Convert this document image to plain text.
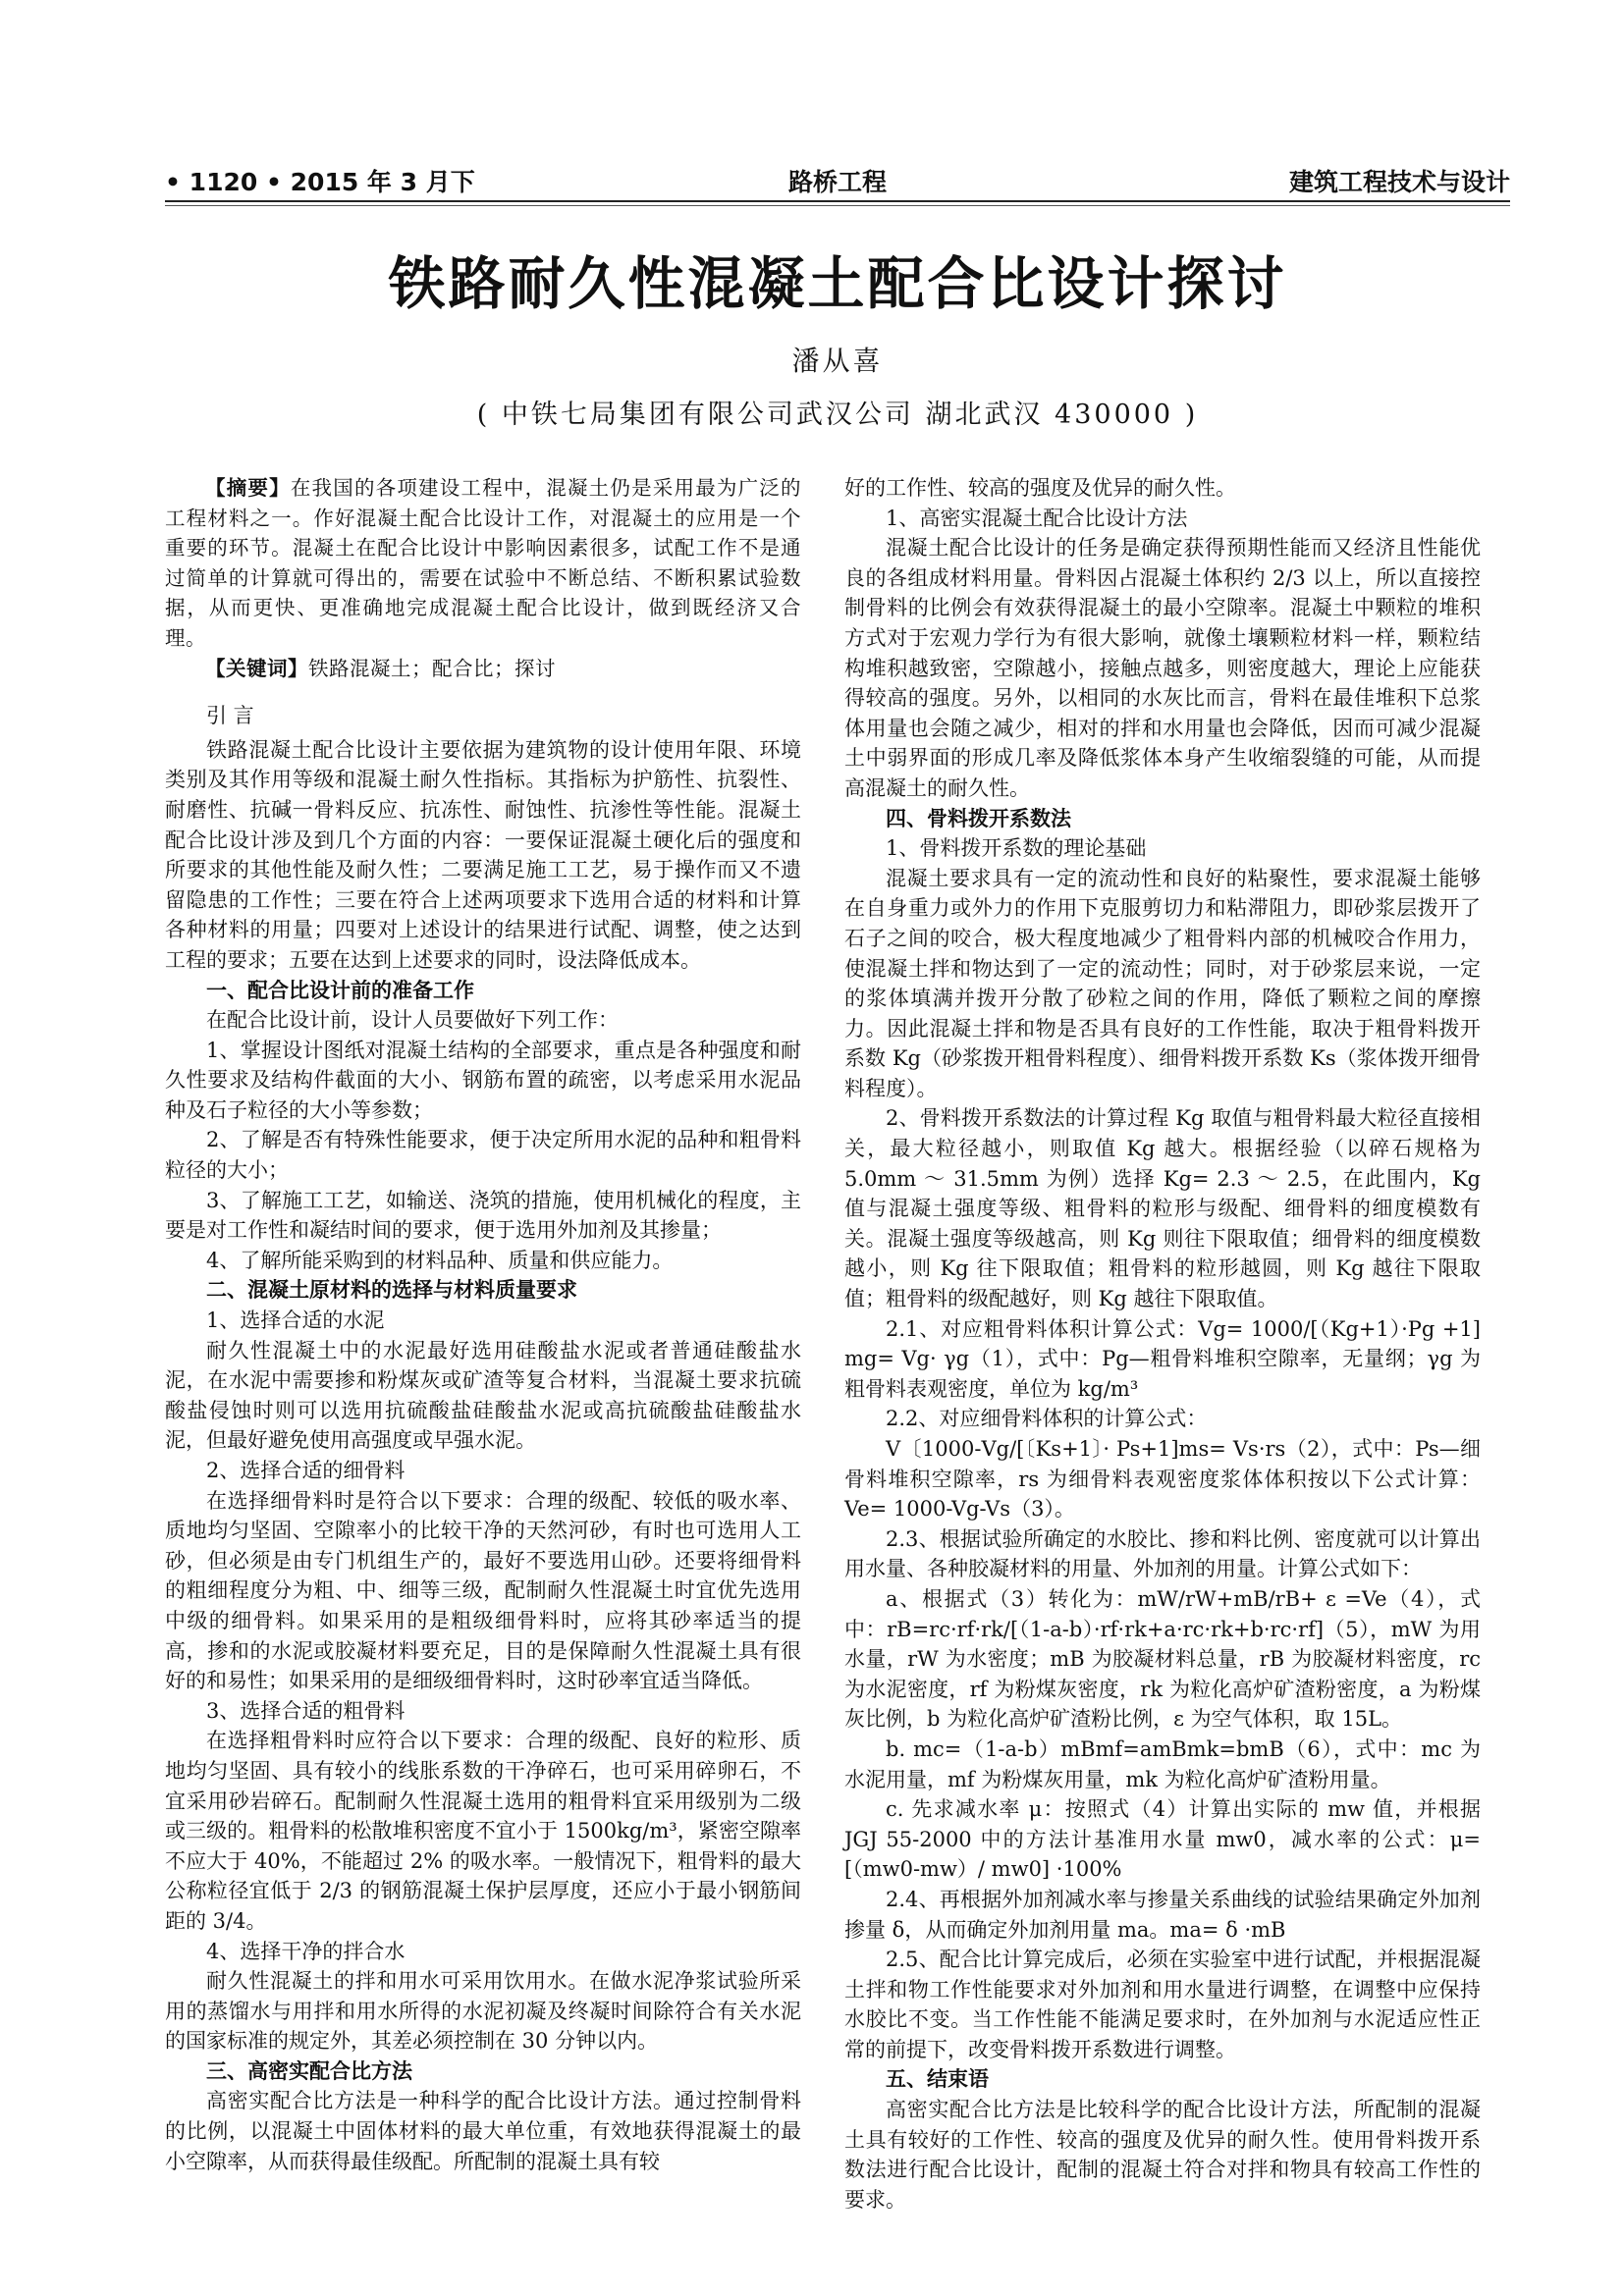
• 1120 • 2015 年 3 月下	路桥工程	建筑工程技术与设计
铁路耐久性混凝土配合比设计探讨
潘从喜
( 中铁七局集团有限公司武汉公司 湖北武汉 430000 )

【摘要】在我国的各项建设工程中，混凝土仍是采用最为广泛的工程材料之一。作好混凝土配合比设计工作，对混凝土的应用是一个重要的环节。混凝土在配合比设计中影响因素很多，试配工作不是通过简单的计算就可得出的，需要在试验中不断总结、不断积累试验数据，从而更快、更准确地完成混凝土配合比设计，做到既经济又合理。

【关键词】铁路混凝土；配合比；探讨

引 言

铁路混凝土配合比设计主要依据为建筑物的设计使用年限、环境类别及其作用等级和混凝土耐久性指标。其指标为护筋性、抗裂性、耐磨性、抗碱一骨料反应、抗冻性、耐蚀性、抗渗性等性能。混凝土配合比设计涉及到几个方面的内容：一要保证混凝土硬化后的强度和所要求的其他性能及耐久性；二要满足施工工艺，易于操作而又不遗留隐患的工作性；三要在符合上述两项要求下选用合适的材料和计算各种材料的用量；四要对上述设计的结果进行试配、调整，使之达到工程的要求；五要在达到上述要求的同时，设法降低成本。

一、配合比设计前的准备工作

在配合比设计前，设计人员要做好下列工作：

1、掌握设计图纸对混凝土结构的全部要求，重点是各种强度和耐久性要求及结构件截面的大小、钢筋布置的疏密，以考虑采用水泥品种及石子粒径的大小等参数；

2、了解是否有特殊性能要求，便于决定所用水泥的品种和粗骨料粒径的大小；

3、了解施工工艺，如输送、浇筑的措施，使用机械化的程度，主要是对工作性和凝结时间的要求，便于选用外加剂及其掺量；

4、了解所能采购到的材料品种、质量和供应能力。

二、混凝土原材料的选择与材料质量要求

1、选择合适的水泥

耐久性混凝土中的水泥最好选用硅酸盐水泥或者普通硅酸盐水泥，在水泥中需要掺和粉煤灰或矿渣等复合材料，当混凝土要求抗硫酸盐侵蚀时则可以选用抗硫酸盐硅酸盐水泥或高抗硫酸盐硅酸盐水泥，但最好避免使用高强度或早强水泥。

2、选择合适的细骨料

在选择细骨料时是符合以下要求：合理的级配、较低的吸水率、质地均匀坚固、空隙率小的比较干净的天然河砂，有时也可选用人工砂，但必须是由专门机组生产的，最好不要选用山砂。还要将细骨料的粗细程度分为粗、中、细等三级，配制耐久性混凝土时宜优先选用中级的细骨料。如果采用的是粗级细骨料时，应将其砂率适当的提高，掺和的水泥或胶凝材料要充足，目的是保障耐久性混凝土具有很好的和易性；如果采用的是细级细骨料时，这时砂率宜适当降低。

3、选择合适的粗骨料

在选择粗骨料时应符合以下要求：合理的级配、良好的粒形、质地均匀坚固、具有较小的线胀系数的干净碎石，也可采用碎卵石，不宜采用砂岩碎石。配制耐久性混凝土选用的粗骨料宜采用级别为二级或三级的。粗骨料的松散堆积密度不宜小于 1500kg/m³，紧密空隙率不应大于 40%，不能超过 2% 的吸水率。一般情况下，粗骨料的最大公称粒径宜低于 2/3 的钢筋混凝土保护层厚度，还应小于最小钢筋间距的 3/4。

4、选择干净的拌合水

耐久性混凝土的拌和用水可采用饮用水。在做水泥净浆试验所采用的蒸馏水与用拌和用水所得的水泥初凝及终凝时间除符合有关水泥的国家标准的规定外，其差必须控制在 30 分钟以内。

三、高密实配合比方法

高密实配合比方法是一种科学的配合比设计方法。通过控制骨料的比例，以混凝土中固体材料的最大单位重，有效地获得混凝土的最小空隙率，从而获得最佳级配。所配制的混凝土具有较

好的工作性、较高的强度及优异的耐久性。

1、高密实混凝土配合比设计方法

混凝土配合比设计的任务是确定获得预期性能而又经济且性能优良的各组成材料用量。骨料因占混凝土体积约 2/3 以上，所以直接控制骨料的比例会有效获得混凝土的最小空隙率。混凝土中颗粒的堆积方式对于宏观力学行为有很大影响，就像土壤颗粒材料一样，颗粒结构堆积越致密，空隙越小，接触点越多，则密度越大，理论上应能获得较高的强度。另外，以相同的水灰比而言，骨料在最佳堆积下总浆体用量也会随之减少，相对的拌和水用量也会降低，因而可减少混凝土中弱界面的形成几率及降低浆体本身产生收缩裂缝的可能，从而提高混凝土的耐久性。

四、骨料拨开系数法

1、骨料拨开系数的理论基础

混凝土要求具有一定的流动性和良好的粘聚性，要求混凝土能够在自身重力或外力的作用下克服剪切力和粘滞阻力，即砂浆层拨开了石子之间的咬合，极大程度地减少了粗骨料内部的机械咬合作用力，使混凝土拌和物达到了一定的流动性；同时，对于砂浆层来说，一定的浆体填满并拨开分散了砂粒之间的作用，降低了颗粒之间的摩擦力。因此混凝土拌和物是否具有良好的工作性能，取决于粗骨料拨开系数 Kg（砂浆拨开粗骨料程度）、细骨料拨开系数 Ks（浆体拨开细骨料程度）。

2、骨料拨开系数法的计算过程 Kg 取值与粗骨料最大粒径直接相关，最大粒径越小，则取值 Kg 越大。根据经验（以碎石规格为 5.0mm ～ 31.5mm 为例）选择 Kg= 2.3 ～ 2.5，在此围内，Kg 值与混凝土强度等级、粗骨料的粒形与级配、细骨料的细度模数有关。混凝土强度等级越高，则 Kg 则往下限取值；细骨料的细度模数越小，则 Kg 往下限取值；粗骨料的粒形越圆，则 Kg 越往下限取值；粗骨料的级配越好，则 Kg 越往下限取值。

2.1、对应粗骨料体积计算公式：Vg= 1000/[（Kg+1）·Pg +1] mg= Vg· γg（1），式中：Pg—粗骨料堆积空隙率，无量纲；γg 为粗骨料表观密度，单位为 kg/m³

2.2、对应细骨料体积的计算公式：

V〔1000-Vg/[〔Ks+1〕· Ps+1]ms= Vs·rs（2），式中：Ps—细骨料堆积空隙率，rs 为细骨料表观密度浆体体积按以下公式计算：Ve= 1000-Vg-Vs（3）。

2.3、根据试验所确定的水胶比、掺和料比例、密度就可以计算出用水量、各种胶凝材料的用量、外加剂的用量。计算公式如下：

a、根据式（3）转化为：mW/rW+mB/rB+ ε =Ve（4），式中：rB=rc·rf·rk/[（1-a-b）·rf·rk+a·rc·rk+b·rc·rf]（5），mW 为用水量，rW 为水密度；mB 为胶凝材料总量，rB 为胶凝材料密度，rc 为水泥密度，rf 为粉煤灰密度，rk 为粒化高炉矿渣粉密度，a 为粉煤灰比例，b 为粒化高炉矿渣粉比例，ε 为空气体积，取 15L。

b. mc=（1-a-b）mBmf=amBmk=bmB（6），式中：mc 为水泥用量，mf 为粉煤灰用量，mk 为粒化高炉矿渣粉用量。

c. 先求减水率 μ：按照式（4）计算出实际的 mw 值，并根据 JGJ 55-2000 中的方法计基准用水量 mw0，减水率的公式：μ=[（mw0-mw）/ mw0] ·100%

2.4、再根据外加剂减水率与掺量关系曲线的试验结果确定外加剂掺量 δ，从而确定外加剂用量 ma。ma= δ ·mB

2.5、配合比计算完成后，必须在实验室中进行试配，并根据混凝土拌和物工作性能要求对外加剂和用水量进行调整，在调整中应保持水胶比不变。当工作性能不能满足要求时，在外加剂与水泥适应性正常的前提下，改变骨料拨开系数进行调整。

五、结束语

高密实配合比方法是比较科学的配合比设计方法，所配制的混凝土具有较好的工作性、较高的强度及优异的耐久性。使用骨料拨开系数法进行配合比设计，配制的混凝土符合对拌和物具有较高工作性的要求。
